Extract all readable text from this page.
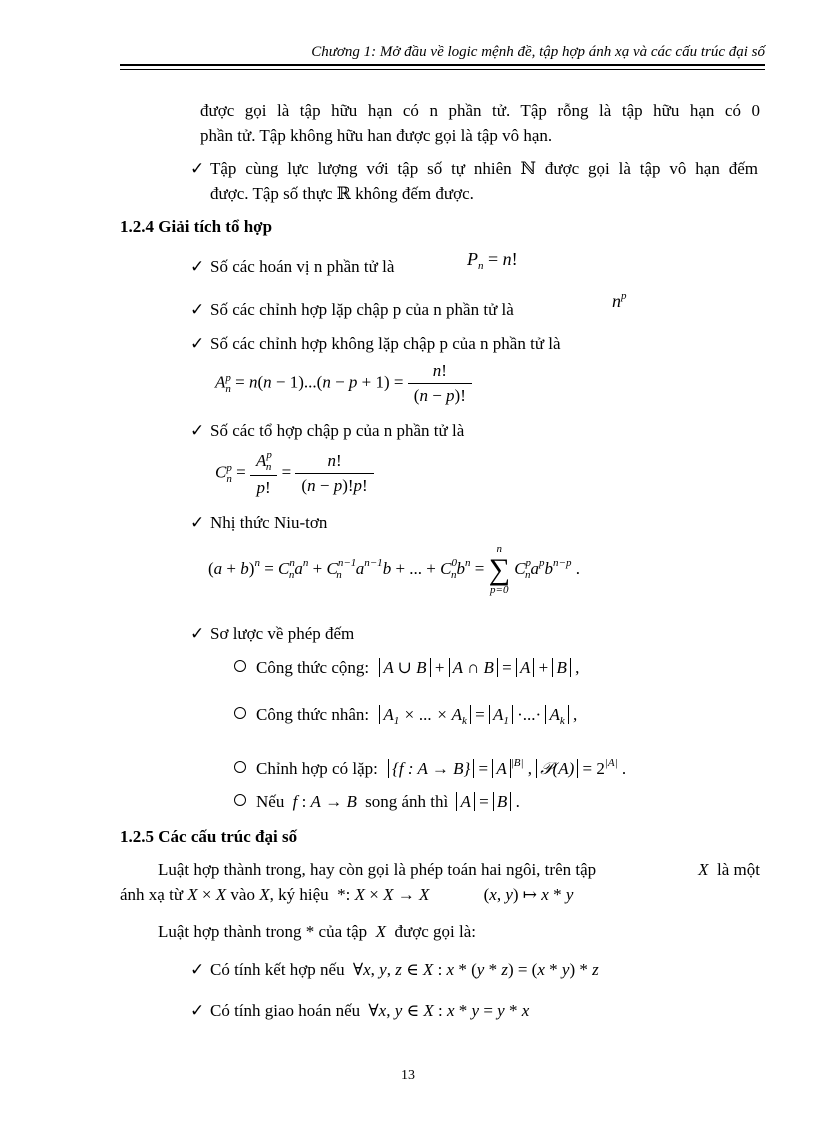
Chương 1: Mở đầu về logic mệnh đề, tập hợp ánh xạ và các cấu trúc đại số
được gọi là tập hữu hạn có n phần tử. Tập rỗng là tập hữu hạn có 0
phần tử. Tập không hữu han được gọi là tập vô hạn.
✓ Tập cùng lực lượng với tập số tự nhiên ℕ được gọi là tập vô hạn đếm
được. Tập số thực ℝ không đếm được.
1.2.4 Giải tích tổ hợp
✓ Số các hoán vị n phần tử là	$P_n = n$!
✓ Số các chỉnh hợp lặp chập p của n phần tử là	$n^p$
✓ Số các chỉnh hợp không lặp chập p của n phần tử là
A p
$n = n(n - 1)...(n - p + 1) = \frac{n!}{(n - p)!}$
✓ Số các tổ hợp chập p của n phần tử là
C p
$n = \frac{A^p_n}{p!} = \frac{n!}{(n - p)!p!}$
✓ Nhị thức Niu-tơn
$(a + b)^n = C^n_na^n + C^{n-1}_n$ $a^{n-1}b$ + ... + $C^0_nb^n$ =
n
∑
p=0
$C^p_na^pb^{n-p}$ .
✓ Sơ lược về phép đếm
Công thức cộng: A ∪ B + A ∩ B = A + B ,
Công thức nhân: $A_1$ × ... × $A_k = A_1$ ·...· $A_k$ ,
Chỉnh hợp có lặp: {f : A → B} = A $^{|B|}$ , 𝒫(A) = $2^{|A|}$ .
Nếu f : A → B song ánh thì A = B .
1.2.5 Các cấu trúc đại số
Luật hợp thành trong, hay còn gọi là phép toán hai ngôi, trên tập	X là một
ánh xạ từ X × X vào X, ký hiệu  *: X × X → X	(x, y) ↦ x * y
Luật hợp thành trong * của tập  X  được gọi là:
✓ Có tính kết hợp nếu ∀x, y, z ∈ X : x * (y * z) = (x * y) * z
✓ Có tính giao hoán nếu ∀x, y ∈ X : x * y = y * x
13
